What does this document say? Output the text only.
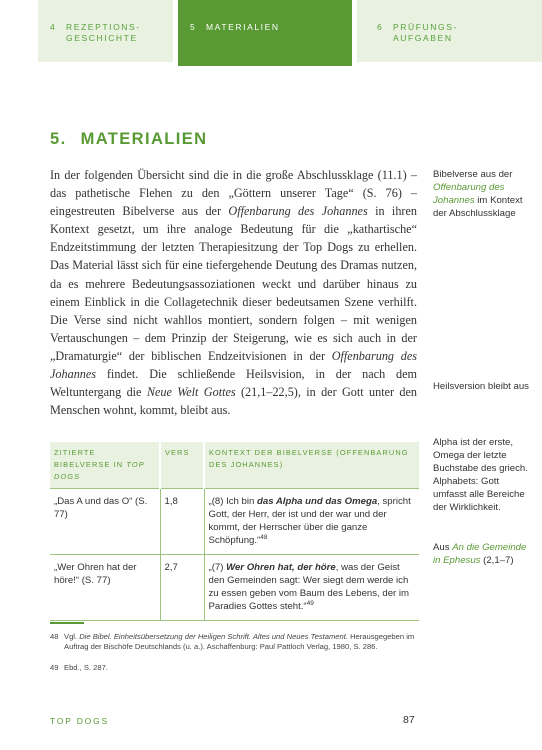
4 REZEPTIONS-
GESCHICHTE
5 MATERIALIEN	6 PRÜFUNGS-
AUFGABEN
5. MATERIALIEN

In der folgenden Übersicht sind die in die große Abschlussklage (11.1) – das pathetische Flehen zu den „Göttern unserer Tage“ (S. 76) – eingestreuten Bibelverse aus der Offenbarung des Johannes in ihren Kontext gesetzt, um ihre analoge Bedeutung für die „kathartische“ Endzeitstimmung der letzten Therapiesitzung der Top Dogs zu erhellen. Das Material lässt sich für eine tiefergehende Deutung des Dramas nutzen, da es mehrere Bedeutungsassoziationen weckt und darüber hinaus zu einem Einblick in die Collagetechnik dieser bedeutsamen Szene verhilft. Die Verse sind nicht wahllos montiert, sondern folgen – mit wenigen Vertauschungen – dem Prinzip der Steigerung, wie es sich auch in der „Dramaturgie“ der biblischen Endzeitvisionen in der Offenbarung des Johannes findet. Die schließende Heilsvision, in der nach dem Weltuntergang die Neue Welt Gottes (21,1–22,5), in der Gott unter den Menschen wohnt, kommt, bleibt aus.

Bibelverse aus der Offenbarung des Johannes im Kontext der Abschlussklage
Heilsversion bleibt aus
Alpha ist der erste, Omega der letzte Buchstabe des griech. Alphabets: Gott umfasst alle Bereiche der Wirklichkeit.
Aus An die Gemeinde in Ephesus (2,1–7)
ZITIERTE BIBELVERSE IN TOP DOGS	VERS	KONTEXT DER BIBELVERSE (OFFENBARUNG DES JOHANNES)
„Das A und das O“ (S. 77)	1,8	„(8) Ich bin das Alpha und das Omega, spricht Gott, der Herr, der ist und der war und der kommt, der Herrscher über die ganze Schöpfung.“$^{48}$
„Wer Ohren hat der höre!“ (S. 77)	2,7	„(7) Wer Ohren hat, der höre, was der Geist den Gemeinden sagt: Wer siegt dem werde ich zu essen geben vom Baum des Lebens, der im Paradies Gottes steht.“$^{49}$
48 Vgl. Die Bibel. Einheitsübersetzung der Heiligen Schrift. Altes und Neues Testament. Herausgegeben im Auftrag der Bischöfe Deutschlands (u. a.). Aschaffenburg: Paul Pattloch Verlag, 1980, S. 286.
49 Ebd., S. 287.
TOP DOGS	87
